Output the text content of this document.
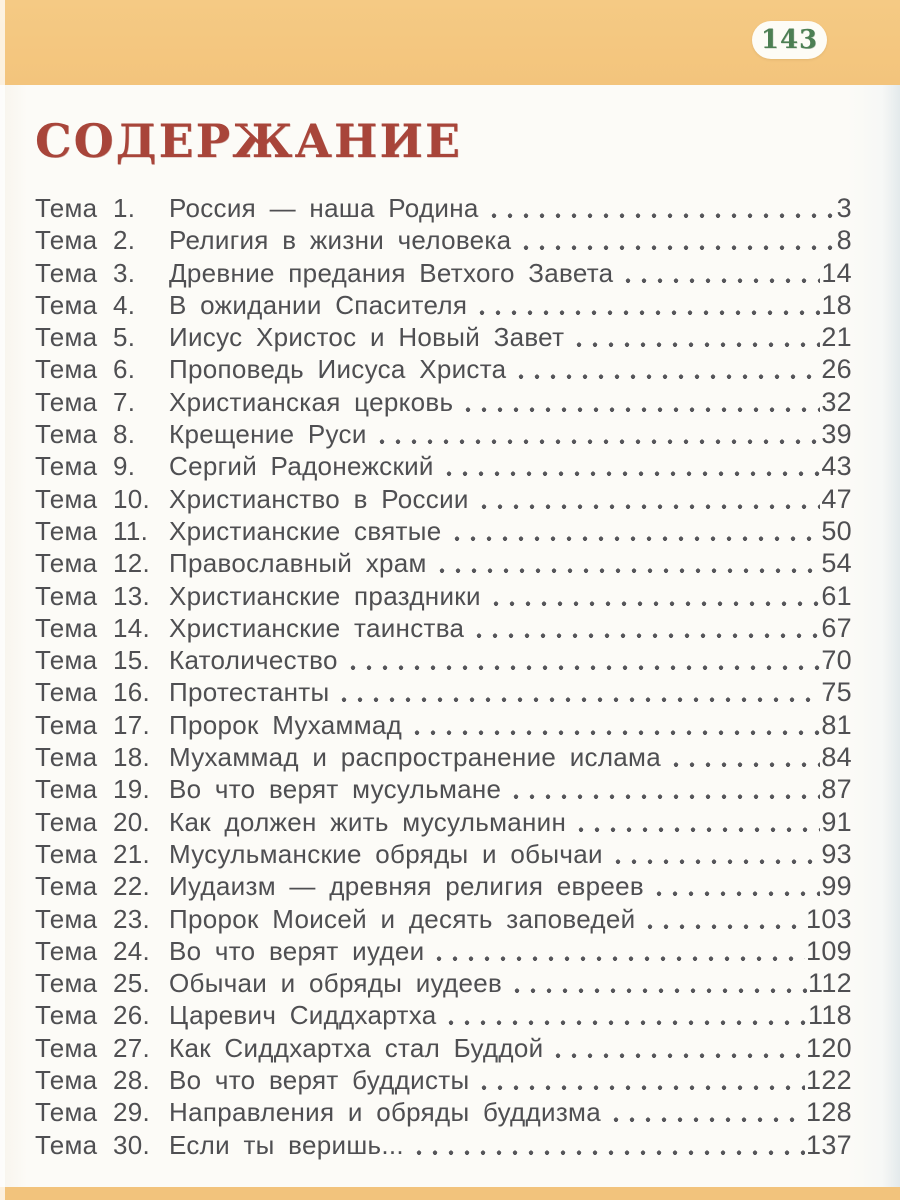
143
СОДЕРЖАНИЕ
Тема 1.	Россия — наша Родина	3
Тема 2.	Религия в жизни человека	8
Тема 3.	Древние предания Ветхого Завета	14
Тема 4.	В ожидании Спасителя	18
Тема 5.	Иисус Христос и Новый Завет	21
Тема 6.	Проповедь Иисуса Христа	26
Тема 7.	Христианская церковь	32
Тема 8.	Крещение Руси	39
Тема 9.	Сергий Радонежский	43
Тема 10. Христианство в России	47
Тема 11. Христианские святые	50
Тема 12. Православный храм	54
Тема 13. Христианские праздники	61
Тема 14. Христианские таинства	67
Тема 15. Католичество	70
Тема 16. Протестанты	75
Тема 17. Пророк Мухаммад	81
Тема 18. Мухаммад и распространение ислама	84
Тема 19. Во что верят мусульмане	87
Тема 20. Как должен жить мусульманин	91
Тема 21. Мусульманские обряды и обычаи	93
Тема 22. Иудаизм — древняя религия евреев	99
Тема 23. Пророк Моисей и десять заповедей	103
Тема 24. Во что верят иудеи	109
Тема 25. Обычаи и обряды иудеев	112
Тема 26. Царевич Сиддхартха	118
Тема 27. Как Сиддхартха стал Буддой	120
Тема 28. Во что верят буддисты	122
Тема 29. Направления и обряды буддизма	128
Тема 30. Если ты веришь...	137
